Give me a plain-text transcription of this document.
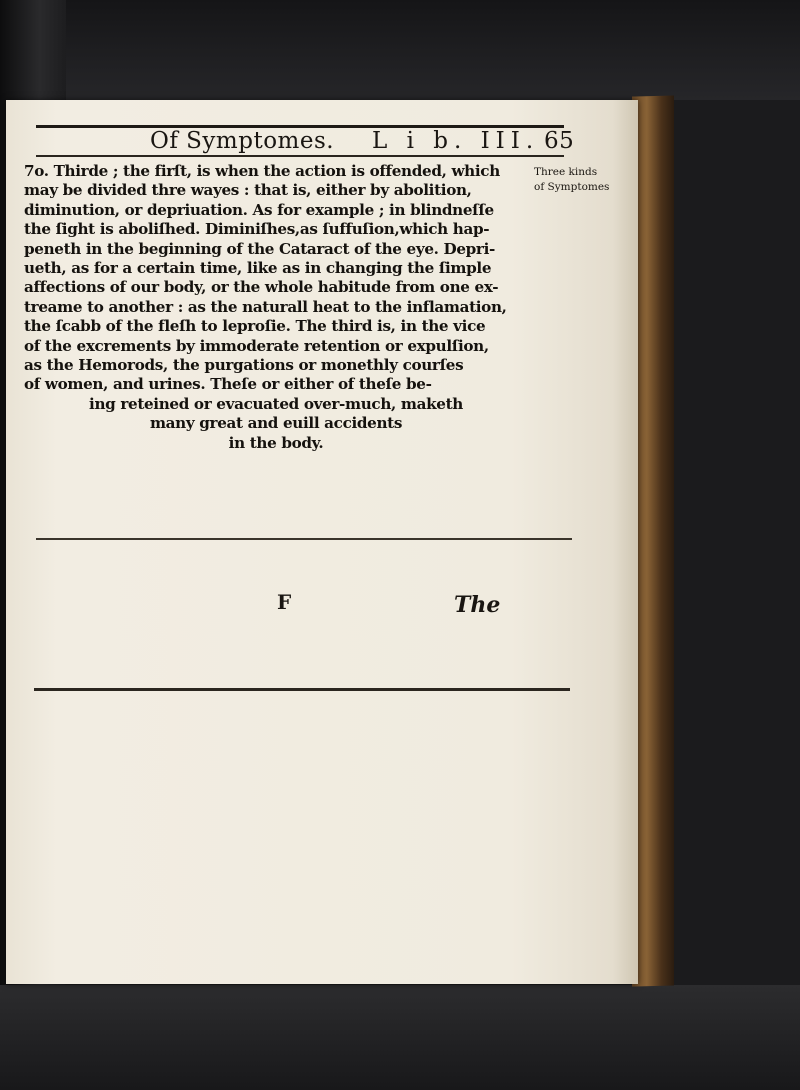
Of Symptomes. L i b. III. 65
7o. Thirde ; the firſt, is when the action is offended, which
may be divided thre wayes : that is, either by abolition,
diminution, or depriuation. As for example ; in blindneſſe
the ſight is aboliſhed. Diminiſhes,as ſuffuſion,which hap-
peneth in the beginning of the Cataract of the eye. Depri-
ueth, as for a certain time, like as in changing the ſimple
affections of our body, or the whole habitude from one ex-
treame to another : as the naturall heat to the inflamation,
the ſcabb of the fleſh to leproſie. The third is, in the vice
of the excrements by immoderate retention or expulſion,
as the Hemorods, the purgations or monethly courſes
of women, and urines. Theſe or either of theſe be-
ing reteined or evacuated over-much, maketh
many great and euill accidents
in the body.
Three kinds
of Symptomes
F	The
